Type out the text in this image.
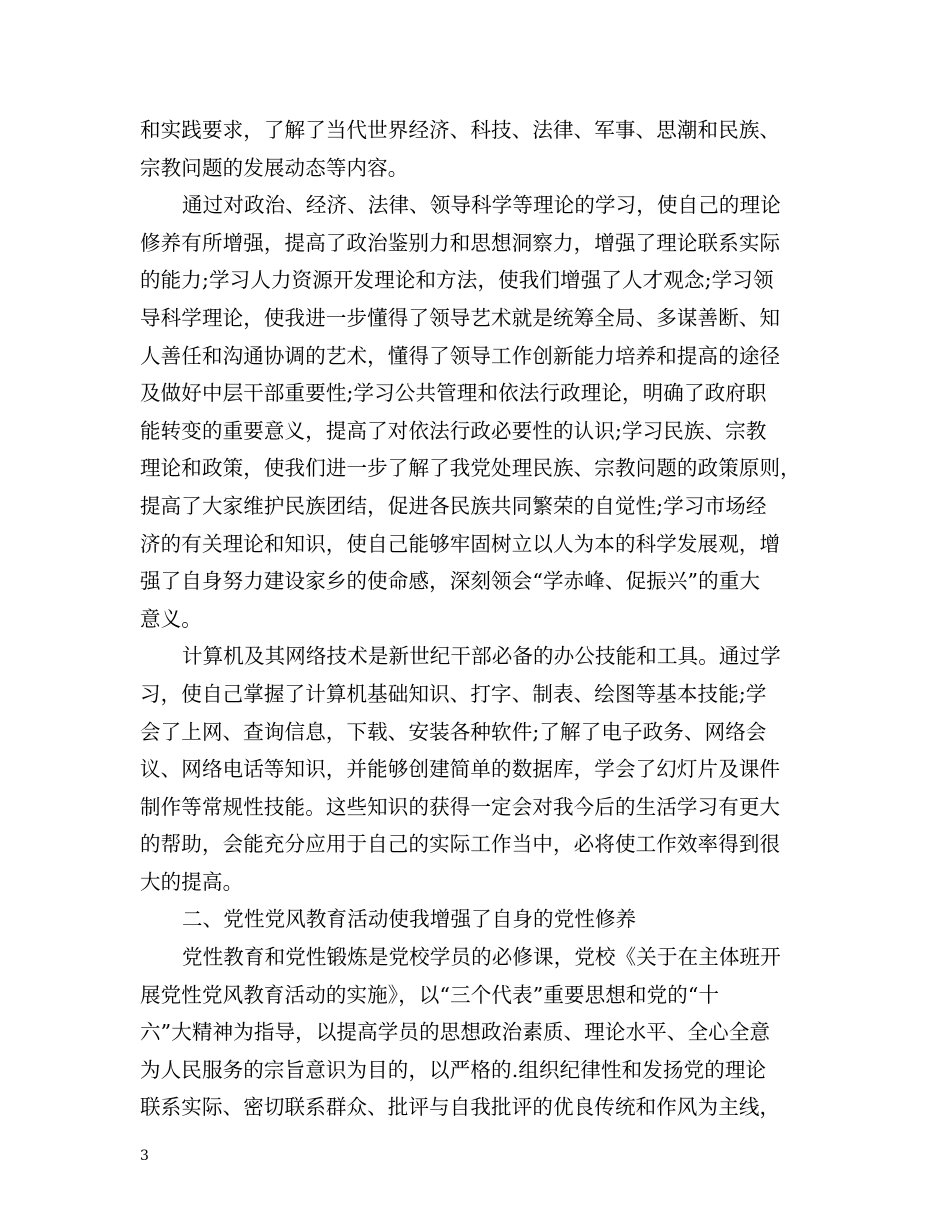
和实践要求，了解了当代世界经济、科技、法律、军事、思潮和民族、
宗教问题的发展动态等内容。
通过对政治、经济、法律、领导科学等理论的学习，使自己的理论
修养有所增强，提高了政治鉴别力和思想洞察力，增强了理论联系实际
的能力;学习人力资源开发理论和方法，使我们增强了人才观念;学习领
导科学理论，使我进一步懂得了领导艺术就是统筹全局、多谋善断、知
人善任和沟通协调的艺术，懂得了领导工作创新能力培养和提高的途径
及做好中层干部重要性;学习公共管理和依法行政理论，明确了政府职
能转变的重要意义，提高了对依法行政必要性的认识;学习民族、宗教
理论和政策，使我们进一步了解了我党处理民族、宗教问题的政策原则，
提高了大家维护民族团结，促进各民族共同繁荣的自觉性;学习市场经
济的有关理论和知识，使自己能够牢固树立以人为本的科学发展观，增
强了自身努力建设家乡的使命感，深刻领会“学赤峰、促振兴”的重大
意义。
计算机及其网络技术是新世纪干部必备的办公技能和工具。通过学
习，使自己掌握了计算机基础知识、打字、制表、绘图等基本技能;学
会了上网、查询信息，下载、安装各种软件;了解了电子政务、网络会
议、网络电话等知识，并能够创建简单的数据库，学会了幻灯片及课件
制作等常规性技能。这些知识的获得一定会对我今后的生活学习有更大
的帮助，会能充分应用于自己的实际工作当中，必将使工作效率得到很
大的提高。
二、党性党风教育活动使我增强了自身的党性修养
党性教育和党性锻炼是党校学员的必修课，党校《关于在主体班开
展党性党风教育活动的实施》，以“三个代表”重要思想和党的“十
六”大精神为指导，以提高学员的思想政治素质、理论水平、全心全意
为人民服务的宗旨意识为目的，以严格的.组织纪律性和发扬党的理论
联系实际、密切联系群众、批评与自我批评的优良传统和作风为主线，
3
